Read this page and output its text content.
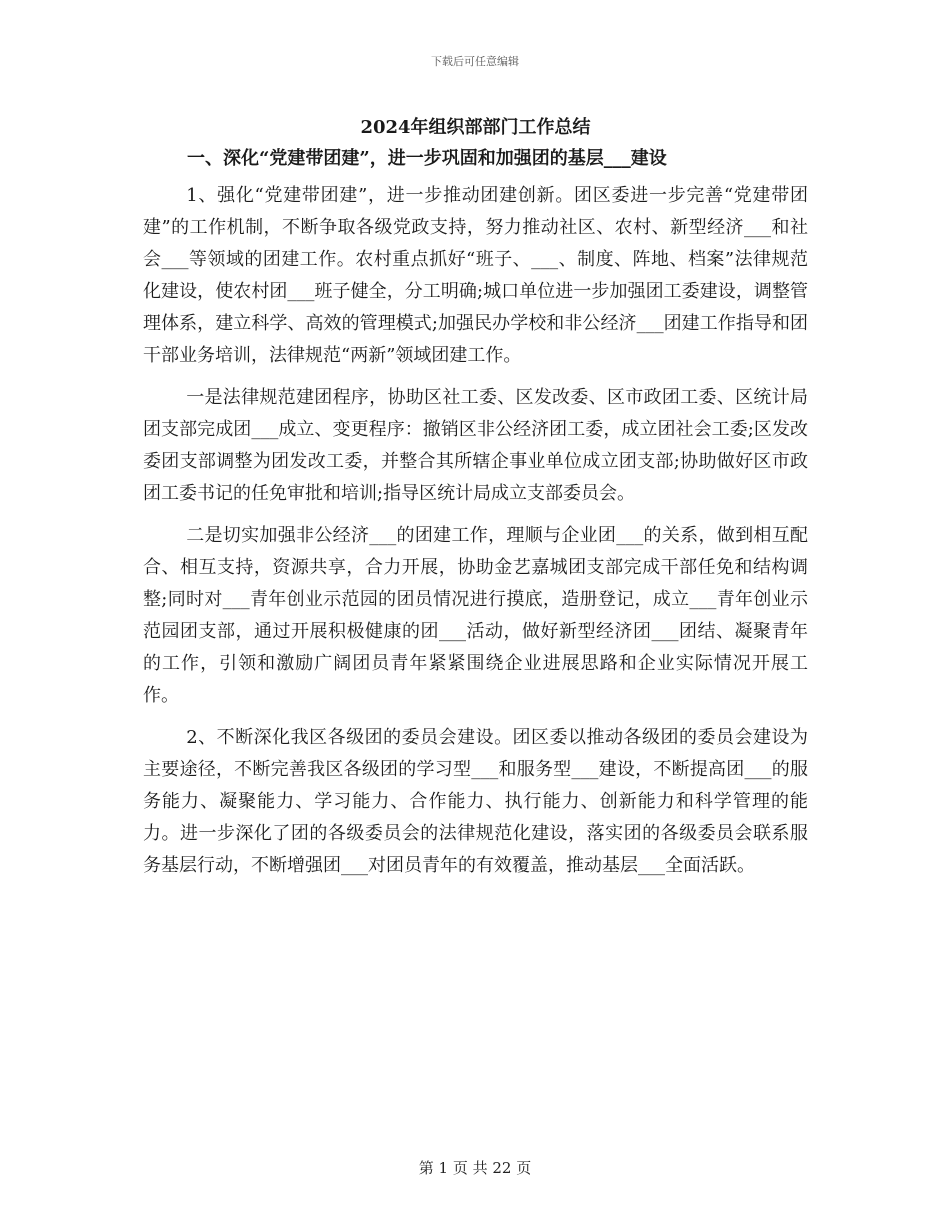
下载后可任意编辑
2024年组织部部门工作总结
一、深化“党建带团建”，进一步巩固和加强团的基层___建设

1、强化“党建带团建”，进一步推动团建创新。团区委进一步完善“党建带团建”的工作机制，不断争取各级党政支持，努力推动社区、农村、新型经济___和社会___等领域的团建工作。农村重点抓好“班子、___、制度、阵地、档案”法律规范化建设，使农村团___班子健全，分工明确;城口单位进一步加强团工委建设，调整管理体系，建立科学、高效的管理模式;加强民办学校和非公经济___团建工作指导和团干部业务培训，法律规范“两新”领域团建工作。

一是法律规范建团程序，协助区社工委、区发改委、区市政团工委、区统计局团支部完成团___成立、变更程序：撤销区非公经济团工委，成立团社会工委;区发改委团支部调整为团发改工委，并整合其所辖企事业单位成立团支部;协助做好区市政团工委书记的任免审批和培训;指导区统计局成立支部委员会。

二是切实加强非公经济___的团建工作，理顺与企业团___的关系，做到相互配合、相互支持，资源共享，合力开展，协助金艺嘉城团支部完成干部任免和结构调整;同时对___青年创业示范园的团员情况进行摸底，造册登记，成立___青年创业示范园团支部，通过开展积极健康的团___活动，做好新型经济团___团结、凝聚青年的工作，引领和激励广阔团员青年紧紧围绕企业进展思路和企业实际情况开展工作。

2、不断深化我区各级团的委员会建设。团区委以推动各级团的委员会建设为主要途径，不断完善我区各级团的学习型___和服务型___建设，不断提高团___的服务能力、凝聚能力、学习能力、合作能力、执行能力、创新能力和科学管理的能力。进一步深化了团的各级委员会的法律规范化建设，落实团的各级委员会联系服务基层行动，不断增强团___对团员青年的有效覆盖，推动基层___全面活跃。

第 1 页 共 22 页
